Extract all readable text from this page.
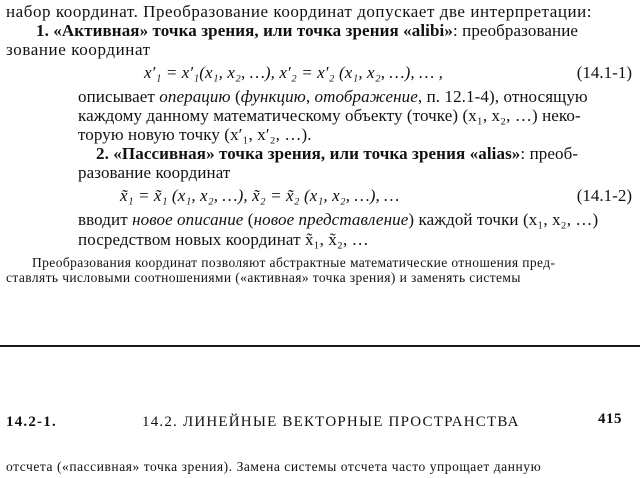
набор координат. Преобразование координат допускает две интерпретации:
1. «Активная» точка зрения, или точка зрения «alibi»: преобразование
зование координат
x′₁ = x′₁(x₁, x₂, …), x′₂ = x′₂ (x₁, x₂, …), … ,	(14.1-1)
описывает операцию (функцию, отображение, п. 12.1-4), относящую
каждому данному математическому объекту (точке) (x₁, x₂, …) неко-
торую новую точку (x′₁, x′₂, …).
2. «Пассивная» точка зрения, или точка зрения «alias»: преоб-
разование координат
x̃₁ = x̃₁ (x₁, x₂, …), x̃₂ = x̃₂ (x₁, x₂, …), …	(14.1-2)
вводит новое описание (новое представление) каждой точки (x₁, x₂, …)
посредством новых координат x̃₁, x̃₂, …
Преобразования координат позволяют абстрактные математические отношения пред-
ставлять числовыми соотношениями («активная» точка зрения) и заменять системы
14.2-1.	14.2. ЛИНЕЙНЫЕ ВЕКТОРНЫЕ ПРОСТРАНСТВА	415
отсчета («пассивная» точка зрения). Замена системы отсчета часто упрощает данную
